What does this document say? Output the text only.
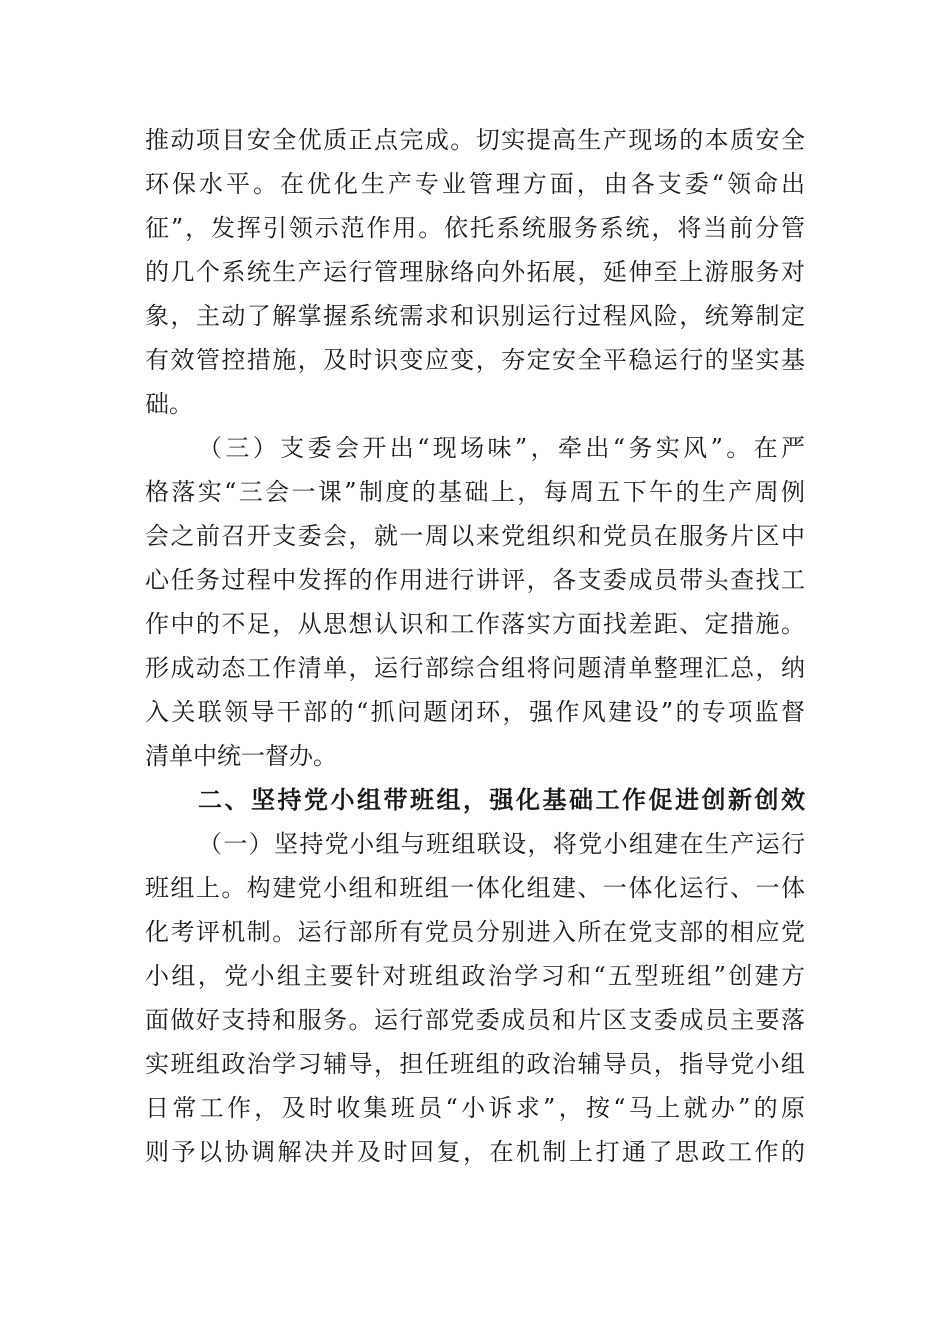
推动项目安全优质正点完成。切实提高生产现场的本质安全
环保水平。在优化生产专业管理方面，由各支委“领命出
征”，发挥引领示范作用。依托系统服务系统，将当前分管
的几个系统生产运行管理脉络向外拓展，延伸至上游服务对
象，主动了解掌握系统需求和识别运行过程风险，统筹制定
有效管控措施，及时识变应变，夯定安全平稳运行的坚实基
础。
（三）支委会开出“现场味”，牵出“务实风”。在严
格落实“三会一课”制度的基础上，每周五下午的生产周例
会之前召开支委会，就一周以来党组织和党员在服务片区中
心任务过程中发挥的作用进行讲评，各支委成员带头查找工
作中的不足，从思想认识和工作落实方面找差距、定措施。
形成动态工作清单，运行部综合组将问题清单整理汇总，纳
入关联领导干部的“抓问题闭环，强作风建设”的专项监督
清单中统一督办。
二、坚持党小组带班组，强化基础工作促进创新创效
（一）坚持党小组与班组联设，将党小组建在生产运行
班组上。构建党小组和班组一体化组建、一体化运行、一体
化考评机制。运行部所有党员分别进入所在党支部的相应党
小组，党小组主要针对班组政治学习和“五型班组”创建方
面做好支持和服务。运行部党委成员和片区支委成员主要落
实班组政治学习辅导，担任班组的政治辅导员，指导党小组
日常工作，及时收集班员“小诉求”，按“马上就办”的原
则予以协调解决并及时回复，在机制上打通了思政工作的
